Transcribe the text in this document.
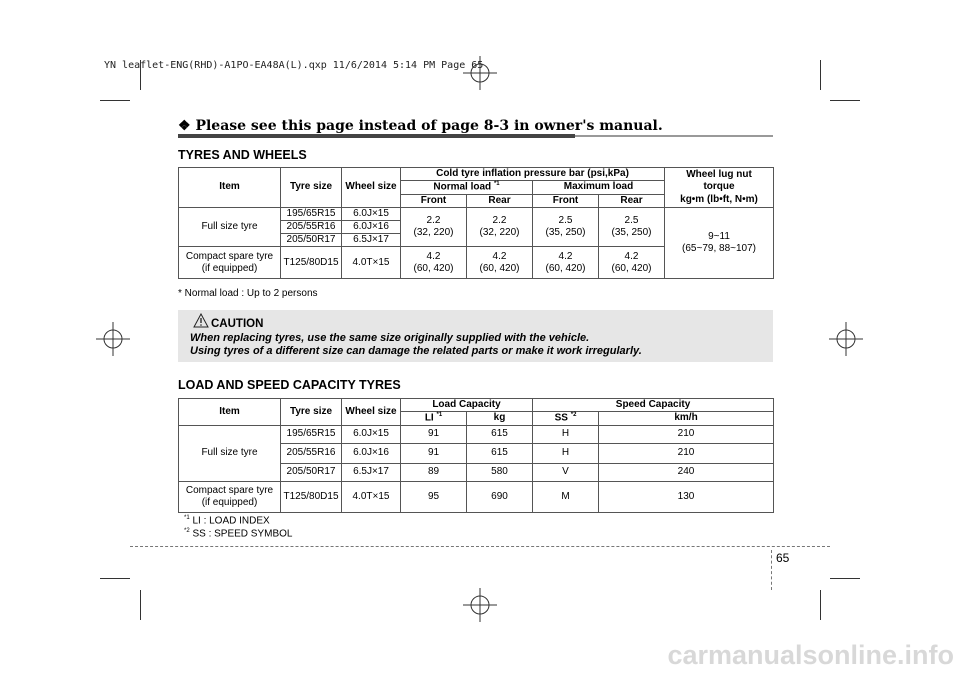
YN leaflet-ENG(RHD)-A1PO-EA48A(L).qxp 11/6/2014 5:14 PM Page 65
❖ Please see this page instead of page 8-3 in owner's manual.
TYRES AND WHEELS
Item	Tyre size	Wheel size	Cold tyre inflation pressure bar (psi,kPa)				Wheel lug nut
torque
kg•m (lb•ft, N•m)
			Normal load $^{*1}$		Maximum load		
			Front	Rear	Front	Rear	
Full size tyre	195/65R15	6.0J×15	2.2
(32, 220)	2.2
(32, 220)	2.5
(35, 250)	2.5
(35, 250)	9~11
(65~79, 88~107)
	205/55R16	6.0J×16					
	205/50R17	6.5J×17					
Compact spare tyre
(if equipped)	T125/80D15	4.0T×15	4.2
(60, 420)	4.2
(60, 420)	4.2
(60, 420)	4.2
(60, 420)	
* Normal load : Up to 2 persons
CAUTION
When replacing tyres, use the same size originally supplied with the vehicle.
Using tyres of a different size can damage the related parts or make it work irregularly.
LOAD AND SPEED CAPACITY TYRES
Item	Tyre size	Wheel size	Load Capacity		Speed Capacity	
			LI $^{*1}$	kg	SS $^{*2}$	km/h
Full size tyre	195/65R15	6.0J×15	91	615	H	210
	205/55R16	6.0J×16	91	615	H	210
	205/50R17	6.5J×17	89	580	V	240
Compact spare tyre
(if equipped)	T125/80D15	4.0T×15	95	690	M	130
$^{*1}$ LI : LOAD INDEX
$^{*2}$ SS : SPEED SYMBOL
65
carmanualsonline.info
